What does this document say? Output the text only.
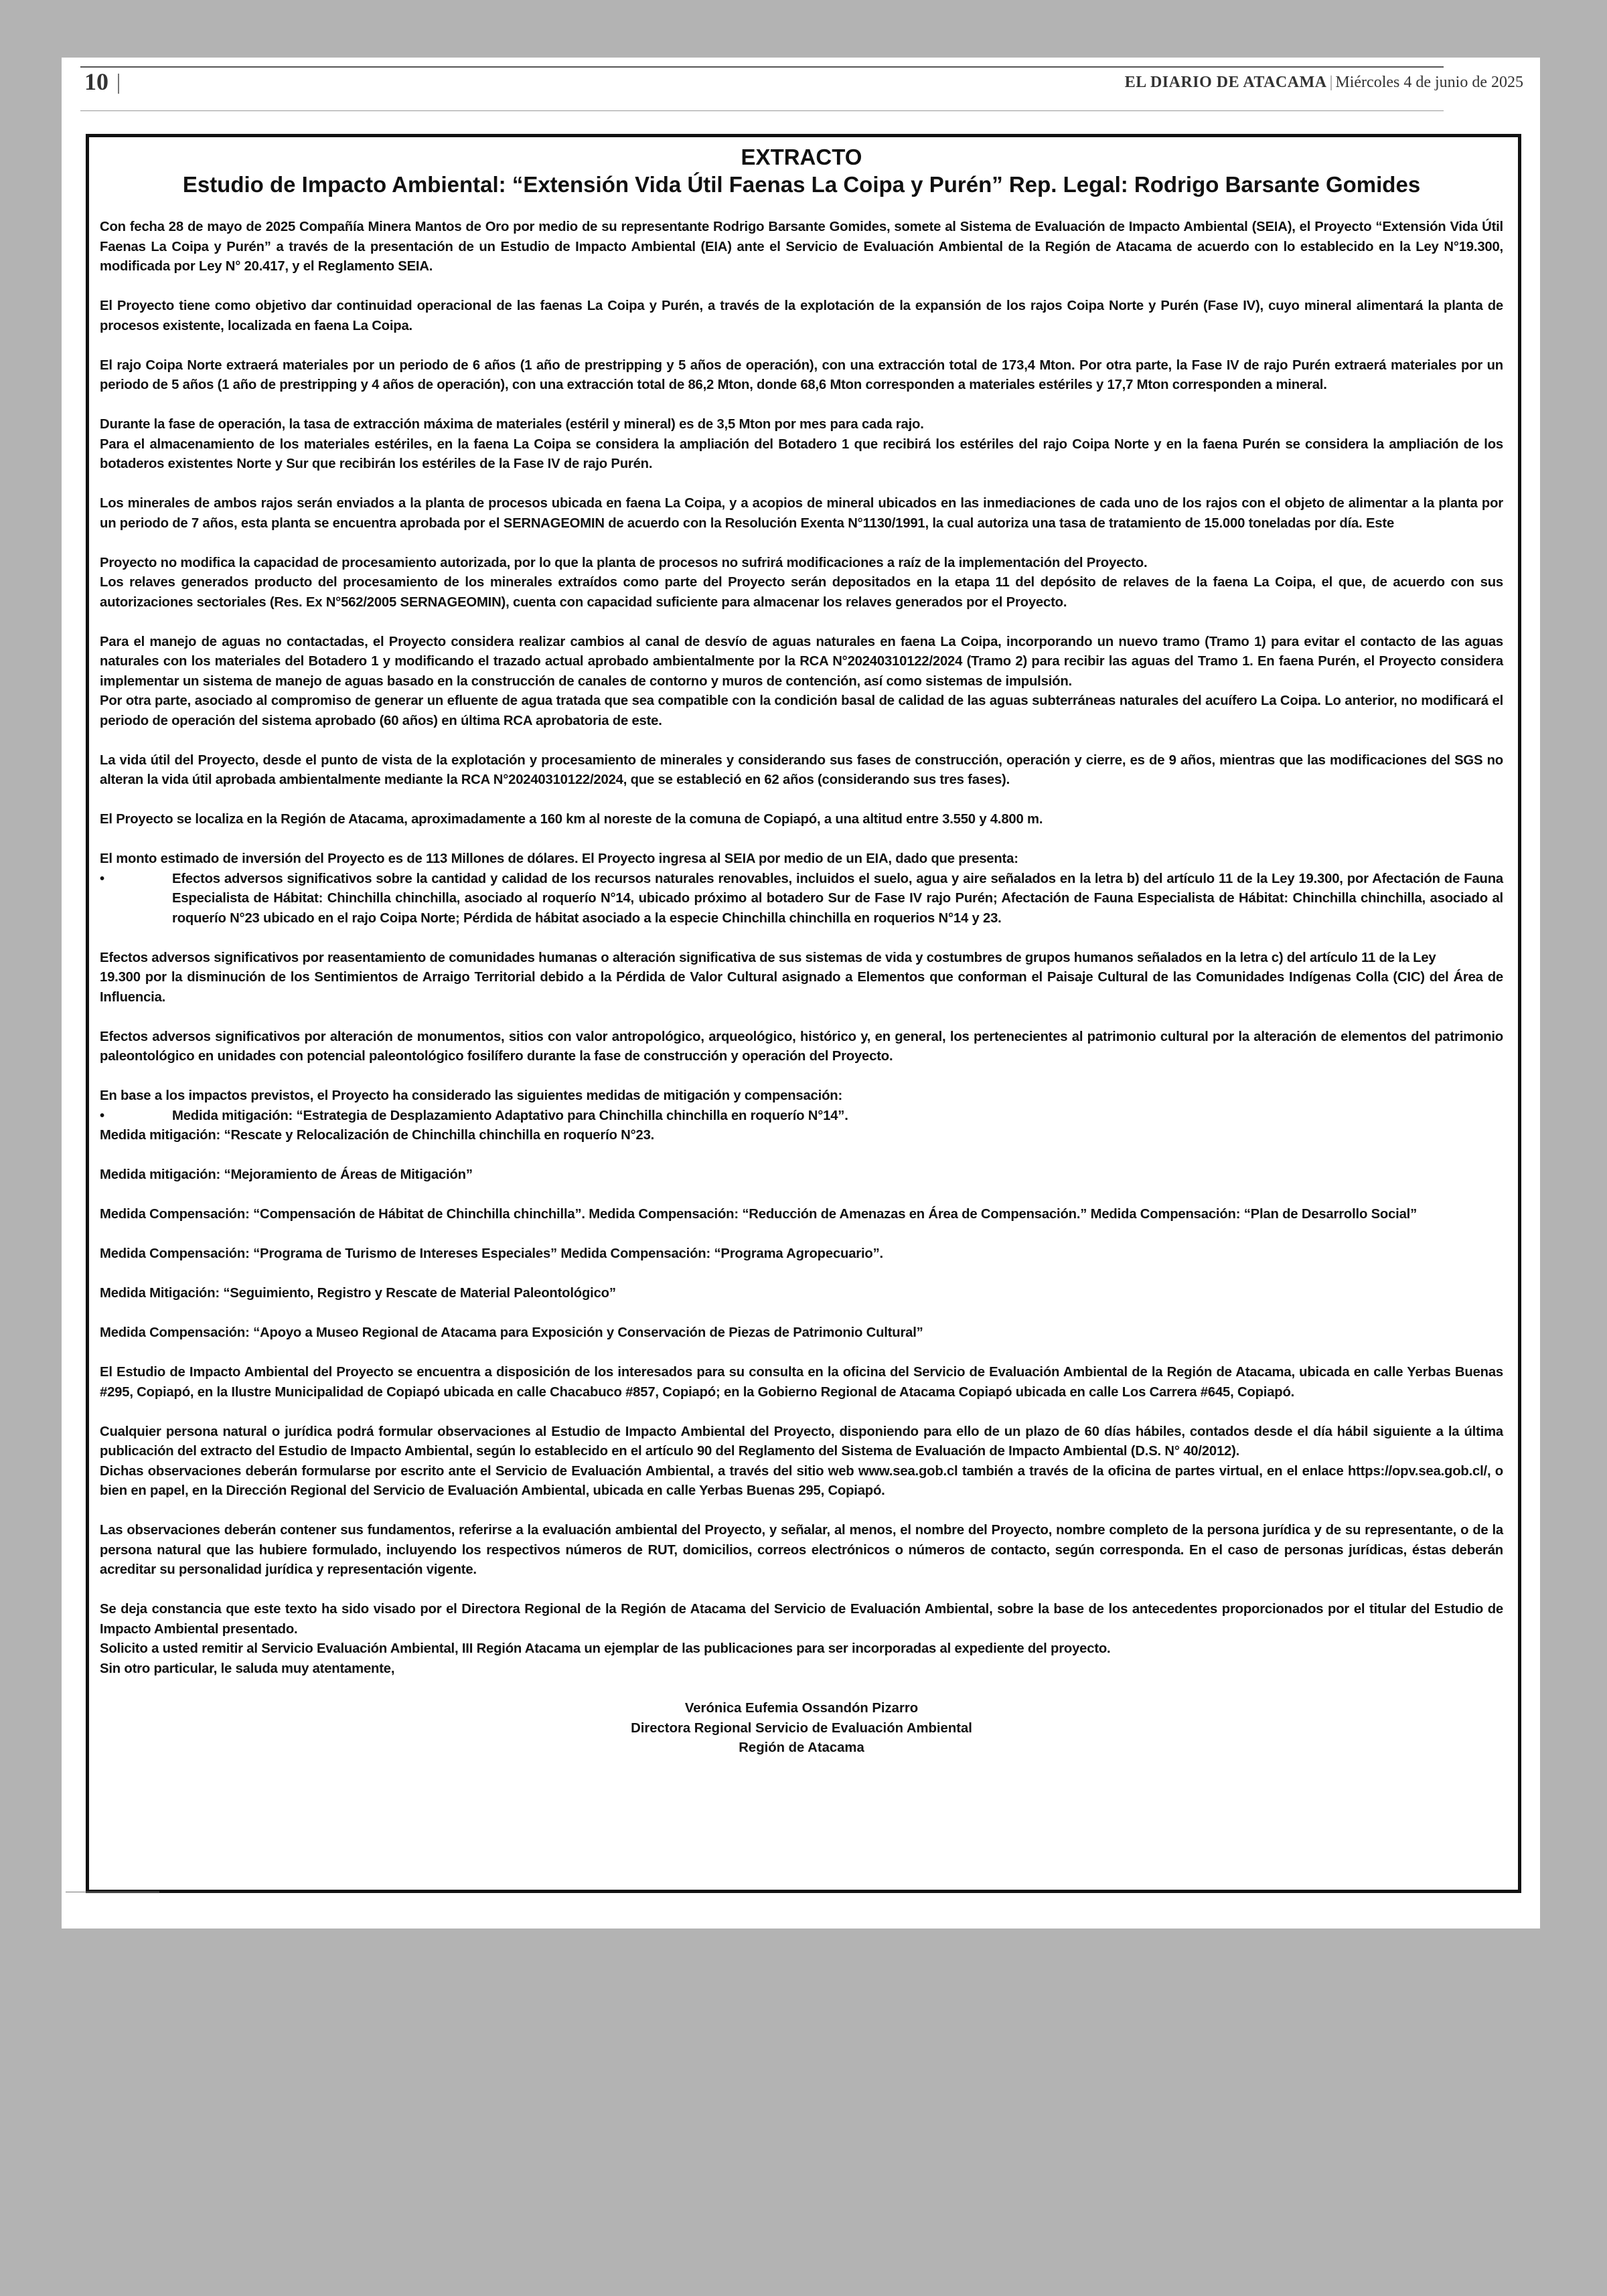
10	EL DIARIO DE ATACAMA | Miércoles 4 de junio de 2025
EXTRACTO
Estudio de Impacto Ambiental: “Extensión Vida Útil Faenas La Coipa y Purén” Rep. Legal: Rodrigo Barsante Gomides

Con fecha 28 de mayo de 2025 Compañía Minera Mantos de Oro por medio de su representante Rodrigo Barsante Gomides, somete al Sistema de Evaluación de Impacto Ambiental (SEIA), el Proyecto “Extensión Vida Útil Faenas La Coipa y Purén” a través de la presentación de un Estudio de Impacto Ambiental (EIA) ante el Servicio de Evaluación Ambiental de la Región de Atacama de acuerdo con lo establecido en la Ley N°19.300, modificada por Ley N° 20.417, y el Reglamento SEIA.

El Proyecto tiene como objetivo dar continuidad operacional de las faenas La Coipa y Purén, a través de la explotación de la expansión de los rajos Coipa Norte y Purén (Fase IV), cuyo mineral alimentará la planta de procesos existente, localizada en faena La Coipa.

El rajo Coipa Norte extraerá materiales por un periodo de 6 años (1 año de prestripping y 5 años de operación), con una extracción total de 173,4 Mton. Por otra parte, la Fase IV de rajo Purén extraerá materiales por un periodo de 5 años (1 año de prestripping y 4 años de operación), con una extracción total de 86,2 Mton, donde 68,6 Mton corresponden a materiales estériles y 17,7 Mton corresponden a mineral.

Durante la fase de operación, la tasa de extracción máxima de materiales (estéril y mineral) es de 3,5 Mton por mes para cada rajo.

Para el almacenamiento de los materiales estériles, en la faena La Coipa se considera la ampliación del Botadero 1 que recibirá los estériles del rajo Coipa Norte y en la faena Purén se considera la ampliación de los botaderos existentes Norte y Sur que recibirán los estériles de la Fase IV de rajo Purén.

Los minerales de ambos rajos serán enviados a la planta de procesos ubicada en faena La Coipa, y a acopios de mineral ubicados en las inmediaciones de cada uno de los rajos con el objeto de alimentar a la planta por un periodo de 7 años, esta planta se encuentra aprobada por el SERNAGEOMIN de acuerdo con la Resolución Exenta N°1130/1991, la cual autoriza una tasa de tratamiento de 15.000 toneladas por día. Este

Proyecto no modifica la capacidad de procesamiento autorizada, por lo que la planta de procesos no sufrirá modificaciones a raíz de la implementación del Proyecto.

Los relaves generados producto del procesamiento de los minerales extraídos como parte del Proyecto serán depositados en la etapa 11 del depósito de relaves de la faena La Coipa, el que, de acuerdo con sus autorizaciones sectoriales (Res. Ex N°562/2005 SERNAGEOMIN), cuenta con capacidad suficiente para almacenar los relaves generados por el Proyecto.

Para el manejo de aguas no contactadas, el Proyecto considera realizar cambios al canal de desvío de aguas naturales en faena La Coipa, incorporando un nuevo tramo (Tramo 1) para evitar el contacto de las aguas naturales con los materiales del Botadero 1 y modificando el trazado actual aprobado ambientalmente por la RCA N°20240310122/2024 (Tramo 2) para recibir las aguas del Tramo 1. En faena Purén, el Proyecto considera implementar un sistema de manejo de aguas basado en la construcción de canales de contorno y muros de contención, así como sistemas de impulsión.

Por otra parte, asociado al compromiso de generar un efluente de agua tratada que sea compatible con la condición basal de calidad de las aguas subterráneas naturales del acuífero La Coipa. Lo anterior, no modificará el periodo de operación del sistema aprobado (60 años) en última RCA aprobatoria de este.

La vida útil del Proyecto, desde el punto de vista de la explotación y procesamiento de minerales y considerando sus fases de construcción, operación y cierre, es de 9 años, mientras que las modificaciones del SGS no alteran la vida útil aprobada ambientalmente mediante la RCA N°20240310122/2024, que se estableció en 62 años (considerando sus tres fases).

El Proyecto se localiza en la Región de Atacama, aproximadamente a 160 km al noreste de la comuna de Copiapó, a una altitud entre 3.550 y 4.800 m.

El monto estimado de inversión del Proyecto es de 113 Millones de dólares. El Proyecto ingresa al SEIA por medio de un EIA, dado que presenta:

•	Efectos adversos significativos sobre la cantidad y calidad de los recursos naturales renovables, incluidos el suelo, agua y aire señalados en la letra b) del artículo 11 de la Ley 19.300, por Afectación de Fauna Especialista de Hábitat: Chinchilla chinchilla, asociado al roquerío N°14, ubicado próximo al botadero Sur de Fase IV rajo Purén; Afectación de Fauna Especialista de Hábitat: Chinchilla chinchilla, asociado al roquerío N°23 ubicado en el rajo Coipa Norte; Pérdida de hábitat asociado a la especie Chinchilla chinchilla en roquerios N°14 y 23.

Efectos adversos significativos por reasentamiento de comunidades humanas o alteración significativa de sus sistemas de vida y costumbres de grupos humanos señalados en la letra c) del artículo 11 de la Ley

19.300 por la disminución de los Sentimientos de Arraigo Territorial debido a la Pérdida de Valor Cultural asignado a Elementos que conforman el Paisaje Cultural de las Comunidades Indígenas Colla (CIC) del Área de Influencia.

Efectos adversos significativos por alteración de monumentos, sitios con valor antropológico, arqueológico, histórico y, en general, los pertenecientes al patrimonio cultural por la alteración de elementos del patrimonio paleontológico en unidades con potencial paleontológico fosilífero durante la fase de construcción y operación del Proyecto.

En base a los impactos previstos, el Proyecto ha considerado las siguientes medidas de mitigación y compensación:

•	Medida mitigación: “Estrategia de Desplazamiento Adaptativo para Chinchilla chinchilla en roquerío N°14”.

Medida mitigación: “Rescate y Relocalización de Chinchilla chinchilla en roquerío N°23.

Medida mitigación: “Mejoramiento de Áreas de Mitigación”

Medida Compensación: “Compensación de Hábitat de Chinchilla chinchilla”. Medida Compensación: “Reducción de Amenazas en Área de Compensación.” Medida Compensación: “Plan de Desarrollo Social”

Medida Compensación: “Programa de Turismo de Intereses Especiales” Medida Compensación: “Programa Agropecuario”.

Medida Mitigación: “Seguimiento, Registro y Rescate de Material Paleontológico”

Medida Compensación: “Apoyo a Museo Regional de Atacama para Exposición y Conservación de Piezas de Patrimonio Cultural”

El Estudio de Impacto Ambiental del Proyecto se encuentra a disposición de los interesados para su consulta en la oficina del Servicio de Evaluación Ambiental de la Región de Atacama, ubicada en calle Yerbas Buenas #295, Copiapó, en la Ilustre Municipalidad de Copiapó ubicada en calle Chacabuco #857, Copiapó; en la Gobierno Regional de Atacama Copiapó ubicada en calle Los Carrera #645, Copiapó.

Cualquier persona natural o jurídica podrá formular observaciones al Estudio de Impacto Ambiental del Proyecto, disponiendo para ello de un plazo de 60 días hábiles, contados desde el día hábil siguiente a la última publicación del extracto del Estudio de Impacto Ambiental, según lo establecido en el artículo 90 del Reglamento del Sistema de Evaluación de Impacto Ambiental (D.S. N° 40/2012).

Dichas observaciones deberán formularse por escrito ante el Servicio de Evaluación Ambiental, a través del sitio web www.sea.gob.cl también a través de la oficina de partes virtual, en el enlace https://opv.sea.gob.cl/, o bien en papel, en la Dirección Regional del Servicio de Evaluación Ambiental, ubicada en calle Yerbas Buenas 295, Copiapó.

Las observaciones deberán contener sus fundamentos, referirse a la evaluación ambiental del Proyecto, y señalar, al menos, el nombre del Proyecto, nombre completo de la persona jurídica y de su representante, o de la persona natural que las hubiere formulado, incluyendo los respectivos números de RUT, domicilios, correos electrónicos o números de contacto, según corresponda. En el caso de personas jurídicas, éstas deberán acreditar su personalidad jurídica y representación vigente.

Se deja constancia que este texto ha sido visado por el Directora Regional de la Región de Atacama del Servicio de Evaluación Ambiental, sobre la base de los antecedentes proporcionados por el titular del Estudio de Impacto Ambiental presentado.

Solicito a usted remitir al Servicio Evaluación Ambiental, III Región Atacama un ejemplar de las publicaciones para ser incorporadas al expediente del proyecto.

Sin otro particular, le saluda muy atentamente,

Verónica Eufemia Ossandón Pizarro
Directora Regional Servicio de Evaluación Ambiental
Región de Atacama
